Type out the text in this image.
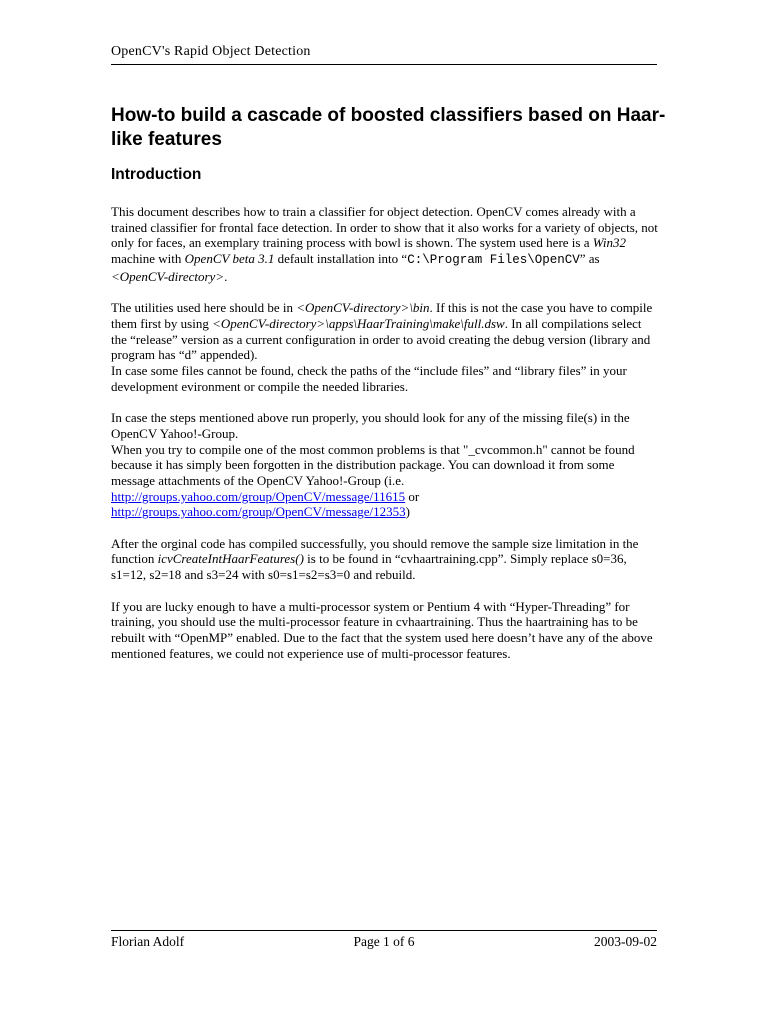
OpenCV's Rapid Object Detection
How-to build a cascade of boosted classifiers based on Haar-like features
Introduction

This document describes how to train a classifier for object detection. OpenCV comes already with a trained classifier for frontal face detection. In order to show that it also works for a variety of objects, not only for faces, an exemplary training process with bowl is shown. The system used here is a Win32 machine with OpenCV beta 3.1 default installation into “C:\Program Files\OpenCV” as <OpenCV-directory>.

The utilities used here should be in <OpenCV-directory>\bin. If this is not the case you have to compile them first by using <OpenCV-directory>\apps\HaarTraining\make\full.dsw. In all compilations select the “release” version as a current configuration in order to avoid creating the debug version (library and program has “d” appended).
In case some files cannot be found, check the paths of the “include files” and “library files” in your development evironment or compile the needed libraries.

In case the steps mentioned above run properly, you should look for any of the missing file(s) in the OpenCV Yahoo!-Group.
When you try to compile one of the most common problems is that "_cvcommon.h" cannot be found because it has simply been forgotten in the distribution package. You can download it from some message attachments of the OpenCV Yahoo!-Group (i.e.
http://groups.yahoo.com/group/OpenCV/message/11615 or
http://groups.yahoo.com/group/OpenCV/message/12353)

After the orginal code has compiled successfully, you should remove the sample size limitation in the function icvCreateIntHaarFeatures() is to be found in “cvhaartraining.cpp”. Simply replace s0=36, s1=12, s2=18 and s3=24 with s0=s1=s2=s3=0 and rebuild.

If you are lucky enough to have a multi-processor system or Pentium 4 with “Hyper-Threading” for training, you should use the multi-processor feature in cvhaartraining. Thus the haartraining has to be rebuilt with “OpenMP” enabled. Due to the fact that the system used here doesn’t have any of the above mentioned features, we could not experience use of multi-processor features.

Florian Adolf	Page 1 of 6	2003-09-02
